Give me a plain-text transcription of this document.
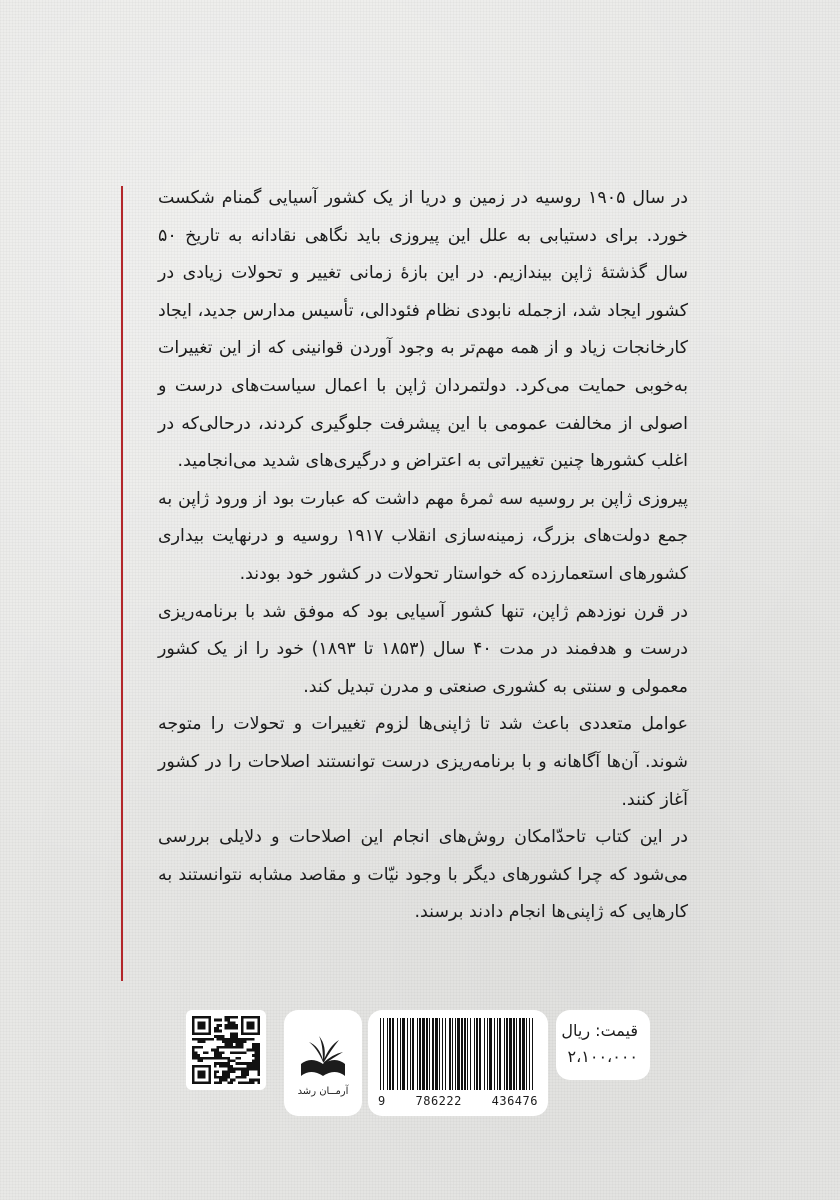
در سال ۱۹۰۵ روسیه در زمین و دریا از یک کشور آسیایی گمنام شکست خورد. برای دستیابی به علل این پیروزی باید نگاهی نقادانه به تاریخ ۵۰ سال گذشتهٔ ژاپن بیندازیم. در این بازهٔ زمانی تغییر و تحولات زیادی در کشور ایجاد شد، ازجمله نابودی نظام فئودالی، تأسیس مدارس جدید، ایجاد کارخانجات زیاد و از همه مهم‌تر به وجود آوردن قوانینی که از این تغییرات به‌خوبی حمایت می‌کرد. دولتمردان ژاپن با اعمال سیاست‌های درست و اصولی از مخالفت عمومی با این پیشرفت جلوگیری کردند، درحالی‌که در اغلب کشورها چنین تغییراتی به اعتراض و درگیری‌های شدید می‌انجامید.

پیروزی ژاپن بر روسیه سه ثمرهٔ مهم داشت که عبارت بود از ورود ژاپن به جمع دولت‌های بزرگ، زمینه‌سازی انقلاب ۱۹۱۷ روسیه و درنهایت بیداری کشورهای استعمارزده که خواستار تحولات در کشور خود بودند.

در قرن نوزدهم ژاپن، تنها کشور آسیایی بود که موفق شد با برنامه‌ریزی درست و هدفمند در مدت ۴۰ سال (۱۸۵۳ تا ۱۸۹۳) خود را از یک کشور معمولی و سنتی به کشوری صنعتی و مدرن تبدیل کند.

عوامل متعددی باعث شد تا ژاپنی‌ها لزوم تغییرات و تحولات را متوجه شوند. آن‌ها آگاهانه و با برنامه‌ریزی درست توانستند اصلاحات را در کشور آغاز کنند.

در این کتاب تاحدّامکان روش‌های انجام این اصلاحات و دلایلی بررسی می‌شود که چرا کشورهای دیگر با وجود نیّات و مقاصد مشابه نتوانستند به کارهایی که ژاپنی‌ها انجام دادند برسند.

قیمت: ریال
۲،۱۰۰،۰۰۰
9 786222 436476
آرمــان رشد
